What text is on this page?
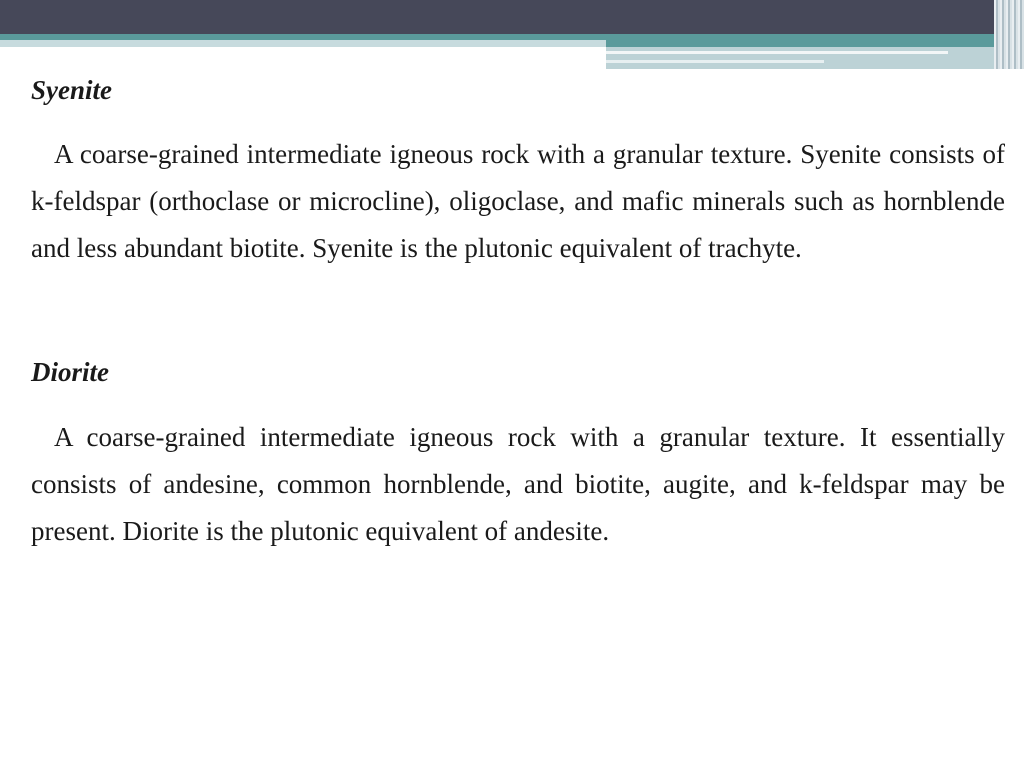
Syenite

A coarse-grained intermediate igneous rock with a granular texture. Syenite consists of k-feldspar (orthoclase or microcline), oligoclase, and mafic minerals such as hornblende and less abundant biotite. Syenite is the plutonic equivalent of trachyte.

Diorite

A coarse-grained intermediate igneous rock with a granular texture. It essentially consists of andesine, common hornblende, and biotite, augite, and k-feldspar may be present. Diorite is the plutonic equivalent of andesite.
